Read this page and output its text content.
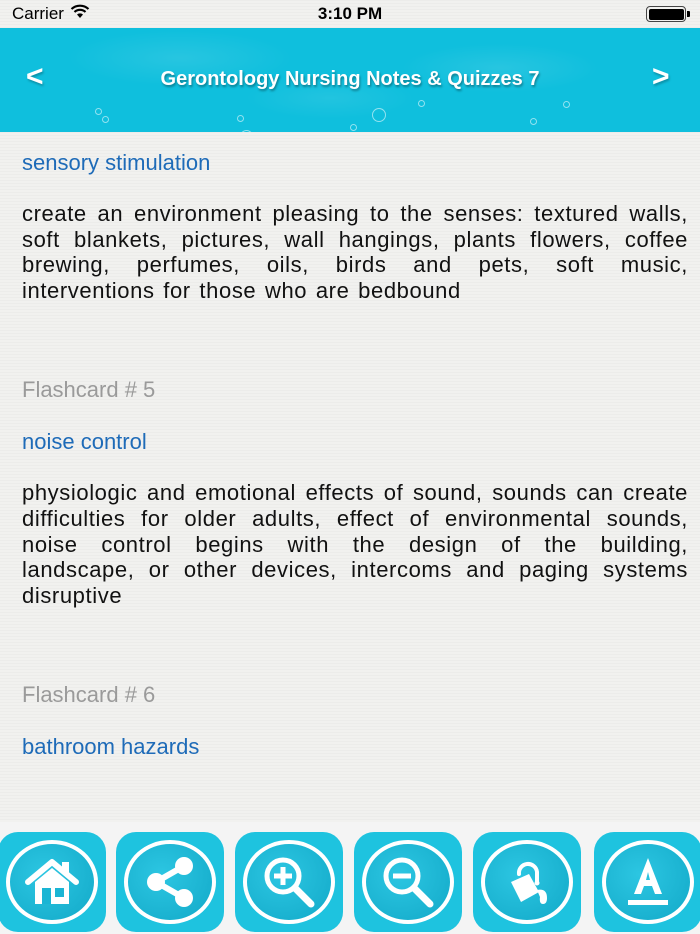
Carrier	3:10 PM
<	Gerontology Nursing Notes & Quizzes 7	>
sensory stimulation
create an environment pleasing to the senses: textured walls, soft blankets, pictures, wall hangings, plants flowers, coffee brewing, perfumes, oils, birds and pets, soft music, interventions for those who are bedbound
Flashcard # 5
noise control
physiologic and emotional effects of sound, sounds can create difficulties for older adults, effect of environmental sounds, noise control begins with the design of the building, landscape, or other devices, intercoms and paging systems disruptive
Flashcard # 6
bathroom hazards
